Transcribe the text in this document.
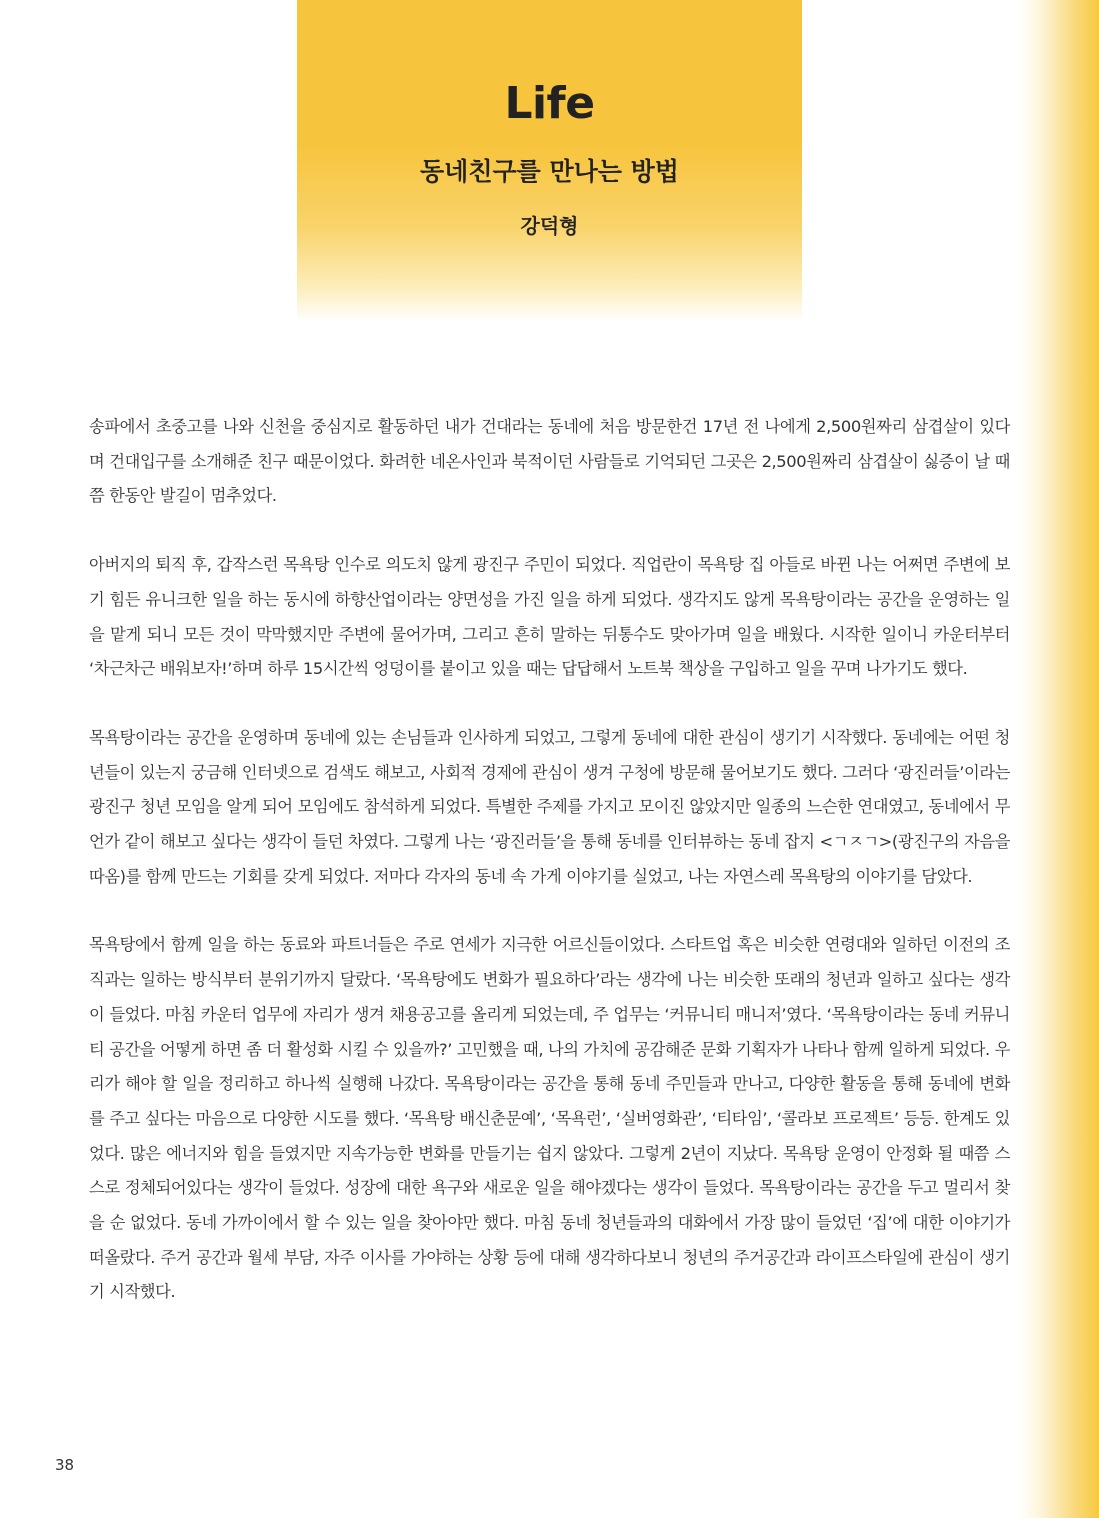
Life
동네친구를 만나는 방법
강덕형

송파에서 초중고를 나와 신천을 중심지로 활동하던 내가 건대라는 동네에 처음 방문한건 17년 전 나에게 2,500원짜리 삼겹살이 있다며 건대입구를 소개해준 친구 때문이었다. 화려한 네온사인과 북적이던 사람들로 기억되던 그곳은 2,500원짜리 삼겹살이 싫증이 날 때 쯤 한동안 발길이 멈추었다.

아버지의 퇴직 후, 갑작스런 목욕탕 인수로 의도치 않게 광진구 주민이 되었다. 직업란이 목욕탕 집 아들로 바뀐 나는 어쩌면 주변에 보기 힘든 유니크한 일을 하는 동시에 하향산업이라는 양면성을 가진 일을 하게 되었다. 생각지도 않게 목욕탕이라는 공간을 운영하는 일을 맡게 되니 모든 것이 막막했지만 주변에 물어가며, 그리고 흔히 말하는 뒤통수도 맞아가며 일을 배웠다. 시작한 일이니 카운터부터 ‘차근차근 배워보자!’하며 하루 15시간씩 엉덩이를 붙이고 있을 때는 답답해서 노트북 책상을 구입하고 일을 꾸며 나가기도 했다.

목욕탕이라는 공간을 운영하며 동네에 있는 손님들과 인사하게 되었고, 그렇게 동네에 대한 관심이 생기기 시작했다. 동네에는 어떤 청년들이 있는지 궁금해 인터넷으로 검색도 해보고, 사회적 경제에 관심이 생겨 구청에 방문해 물어보기도 했다. 그러다 ‘광진러들’이라는 광진구 청년 모임을 알게 되어 모임에도 참석하게 되었다. 특별한 주제를 가지고 모이진 않았지만 일종의 느슨한 연대였고, 동네에서 무언가 같이 해보고 싶다는 생각이 들던 차였다. 그렇게 나는 ‘광진러들’을 통해 동네를 인터뷰하는 동네 잡지 <ㄱㅈㄱ>(광진구의 자음을 따옴)를 함께 만드는 기회를 갖게 되었다. 저마다 각자의 동네 속 가게 이야기를 실었고, 나는 자연스레 목욕탕의 이야기를 담았다.

목욕탕에서 함께 일을 하는 동료와 파트너들은 주로 연세가 지극한 어르신들이었다. 스타트업 혹은 비슷한 연령대와 일하던 이전의 조직과는 일하는 방식부터 분위기까지 달랐다. ‘목욕탕에도 변화가 필요하다’라는 생각에 나는 비슷한 또래의 청년과 일하고 싶다는 생각이 들었다. 마침 카운터 업무에 자리가 생겨 채용공고를 올리게 되었는데, 주 업무는 ‘커뮤니티 매니저’였다. ‘목욕탕이라는 동네 커뮤니티 공간을 어떻게 하면 좀 더 활성화 시킬 수 있을까?’ 고민했을 때, 나의 가치에 공감해준 문화 기획자가 나타나 함께 일하게 되었다. 우리가 해야 할 일을 정리하고 하나씩 실행해 나갔다. 목욕탕이라는 공간을 통해 동네 주민들과 만나고, 다양한 활동을 통해 동네에 변화를 주고 싶다는 마음으로 다양한 시도를 했다. ‘목욕탕 배신춘문예’, ‘목욕런’, ‘실버영화관’, ‘티타임’, ‘콜라보 프로젝트’ 등등. 한계도 있었다. 많은 에너지와 힘을 들였지만 지속가능한 변화를 만들기는 쉽지 않았다. 그렇게 2년이 지났다. 목욕탕 운영이 안정화 될 때쯤 스스로 정체되어있다는 생각이 들었다. 성장에 대한 욕구와 새로운 일을 해야겠다는 생각이 들었다. 목욕탕이라는 공간을 두고 멀리서 찾을 순 없었다. 동네 가까이에서 할 수 있는 일을 찾아야만 했다. 마침 동네 청년들과의 대화에서 가장 많이 들었던 ‘집’에 대한 이야기가 떠올랐다. 주거 공간과 월세 부담, 자주 이사를 가야하는 상황 등에 대해 생각하다보니 청년의 주거공간과 라이프스타일에 관심이 생기기 시작했다.

38
